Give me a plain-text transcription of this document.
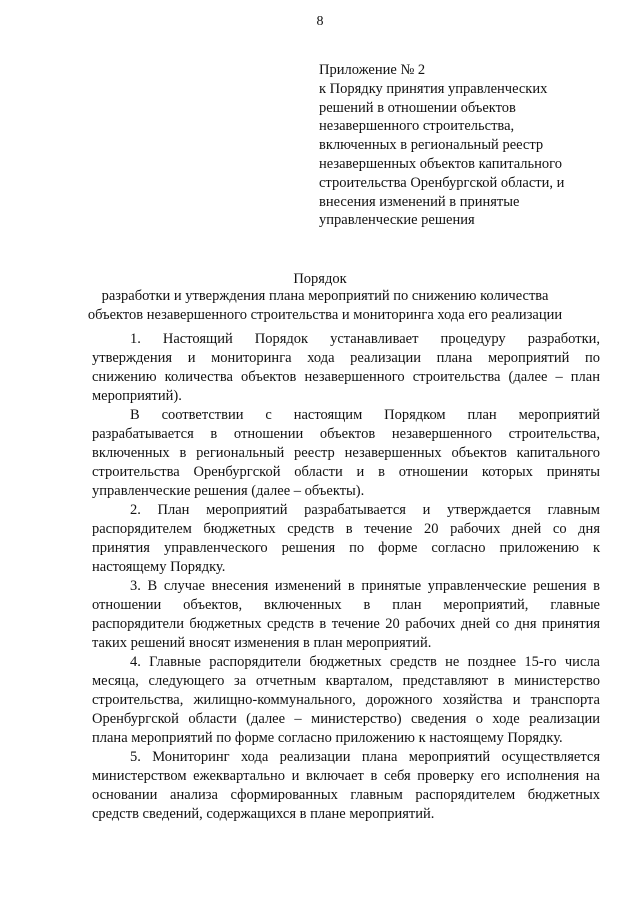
8
Приложение № 2
к Порядку принятия управленческих
решений в отношении объектов
незавершенного строительства,
включенных в региональный реестр
незавершенных объектов капитального
строительства Оренбургской области, и
внесения изменений в принятые
управленческие решения
Порядок
разработки и утверждения плана мероприятий по снижению количества
объектов незавершенного строительства и мониторинга хода его реализации

1. Настоящий Порядок устанавливает процедуру разработки,
утверждения и мониторинга хода реализации плана мероприятий по
снижению количества объектов незавершенного строительства (далее – план
мероприятий).

В соответствии с настоящим Порядком план мероприятий
разрабатывается в отношении объектов незавершенного строительства,
включенных в региональный реестр незавершенных объектов капитального
строительства Оренбургской области и в отношении которых приняты
управленческие решения (далее – объекты).

2. План мероприятий разрабатывается и утверждается главным
распорядителем бюджетных средств в течение 20 рабочих дней со дня
принятия управленческого решения по форме согласно приложению к
настоящему Порядку.

3. В случае внесения изменений в принятые управленческие решения в
отношении объектов, включенных в план мероприятий, главные
распорядители бюджетных средств в течение 20 рабочих дней со дня принятия
таких решений вносят изменения в план мероприятий.

4. Главные распорядители бюджетных средств не позднее 15-го числа
месяца, следующего за отчетным кварталом, представляют в министерство
строительства, жилищно-коммунального, дорожного хозяйства и транспорта
Оренбургской области (далее – министерство) сведения о ходе реализации
плана мероприятий по форме согласно приложению к настоящему Порядку.

5. Мониторинг хода реализации плана мероприятий осуществляется
министерством ежеквартально и включает в себя проверку его исполнения на
основании анализа сформированных главным распорядителем бюджетных
средств сведений, содержащихся в плане мероприятий.
